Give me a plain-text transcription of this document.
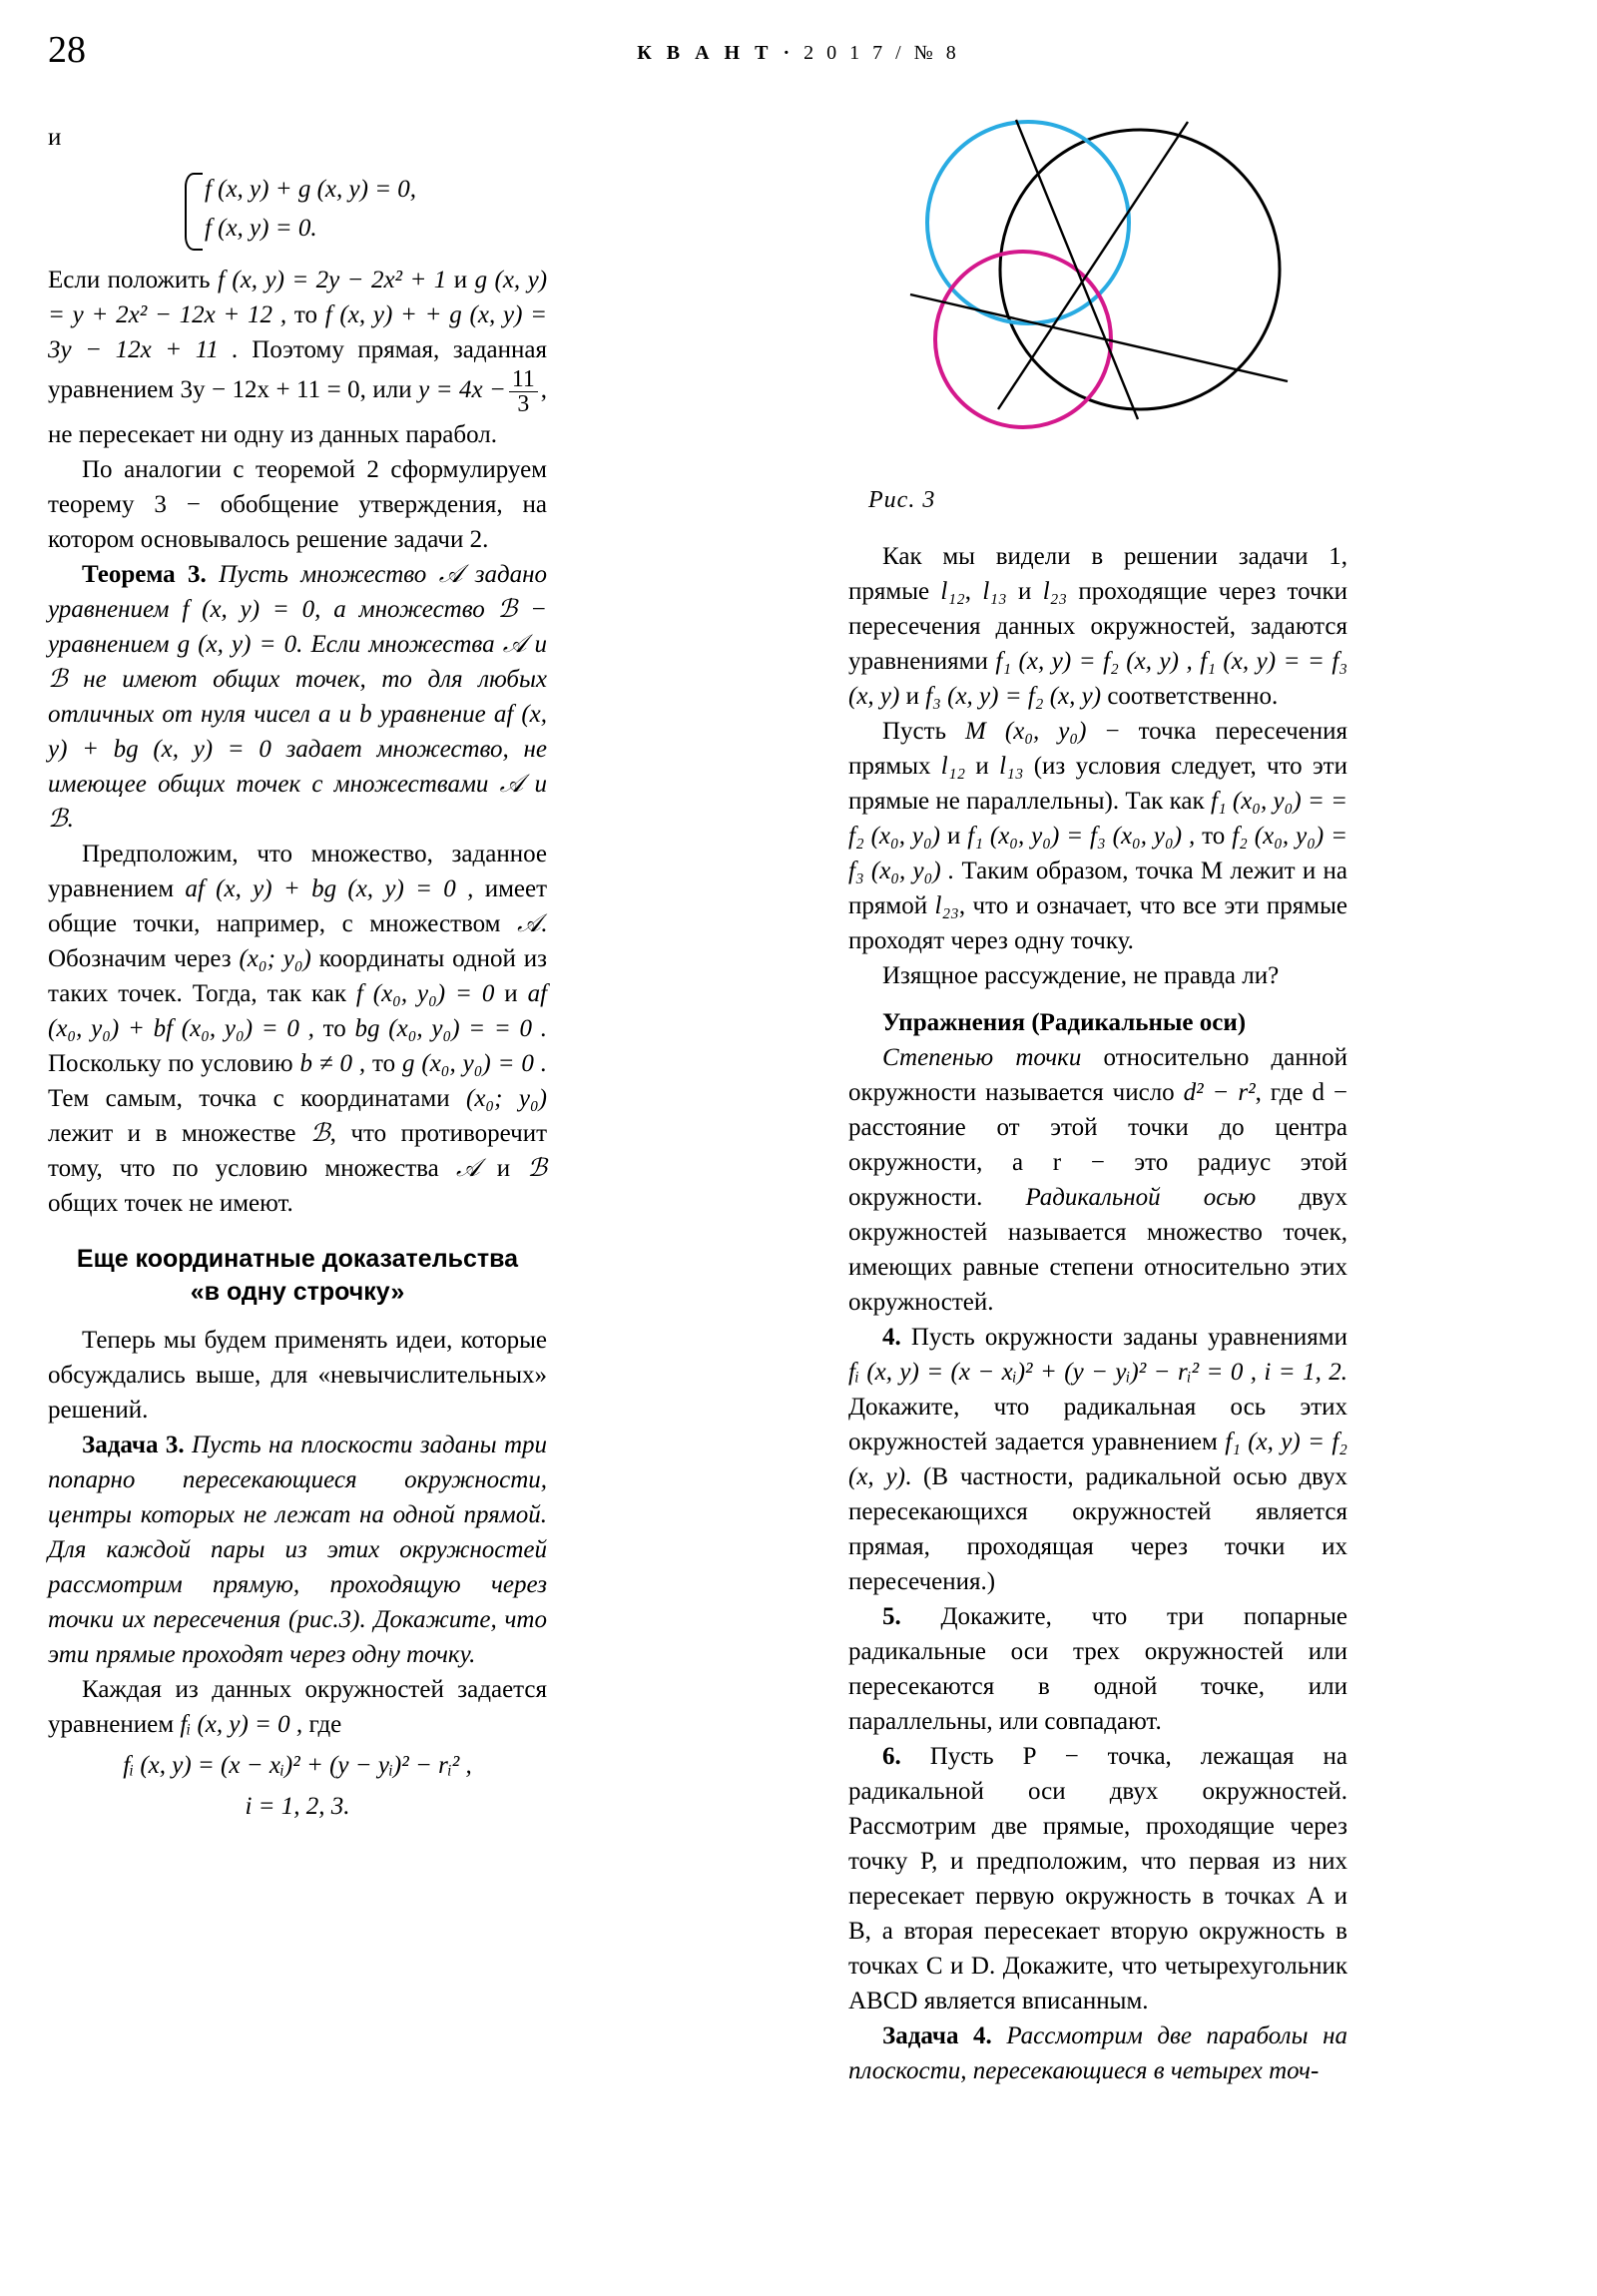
28	К В А Н Т · 2 0 1 7 / № 8
Рис. 3

и

f (x, y) + g (x, y) = 0,
f (x, y) = 0.

Если положить f (x, y) = 2y − 2x² + 1 и g (x, y) = y + 2x² − 12x + 12 , то f (x, y) + + g (x, y) = 3y − 12x + 11 . Поэтому прямая, заданная уравнением 3y − 12x + 11 = 0, или $y = 4x - \frac{11}{3}$ , не пересекает ни одну из данных парабол.

По аналогии с теоремой 2 сформулируем теорему 3 − обобщение утверждения, на котором основывалось решение задачи 2.

Теорема 3. Пусть множество 𝒜 задано уравнением f (x, y) = 0, а множество ℬ − уравнением g (x, y) = 0. Если множества 𝒜 и ℬ не имеют общих точек, то для любых отличных от нуля чисел a и b уравнение af (x, y) + bg (x, y) = 0 задает множество, не имеющее общих точек с множествами 𝒜 и ℬ.

Предположим, что множество, заданное уравнением af (x, y) + bg (x, y) = 0 , имеет общие точки, например, с множеством 𝒜. Обозначим через (x₀; y₀) координаты одной из таких точек. Тогда, так как f (x₀, y₀) = 0 и af (x₀, y₀) + bf (x₀, y₀) = 0 , то bg (x₀, y₀) = = 0 . Поскольку по условию b ≠ 0 , то g (x₀, y₀) = 0 . Тем самым, точка с координатами (x₀; y₀) лежит и в множестве ℬ, что противоречит тому, что по условию множества 𝒜 и ℬ общих точек не имеют.

Еще координатные доказательства
«в одну строчку»

Теперь мы будем применять идеи, которые обсуждались выше, для «невычислительных» решений.

Задача 3. Пусть на плоскости заданы три попарно пересекающиеся окружности, центры которых не лежат на одной прямой. Для каждой пары из этих окружностей рассмотрим прямую, проходящую через точки их пересечения (рис.3). Докажите, что эти прямые проходят через одну точку.

Каждая из данных окружностей задается уравнением fᵢ (x, y) = 0 , где

fᵢ (x, y) = (x − xᵢ)² + (y − yᵢ)² − rᵢ² ,
i = 1, 2, 3.

Как мы видели в решении задачи 1, прямые l₁₂, l₁₃ и l₂₃ проходящие через точки пересечения данных окружностей, задаются уравнениями f₁ (x, y) = f₂ (x, y) , f₁ (x, y) = = f₃ (x, y) и f₃ (x, y) = f₂ (x, y) соответственно.

Пусть M (x₀, y₀) − точка пересечения прямых l₁₂ и l₁₃ (из условия следует, что эти прямые не параллельны). Так как f₁ (x₀, y₀) = = f₂ (x₀, y₀) и f₁ (x₀, y₀) = f₃ (x₀, y₀) , то f₂ (x₀, y₀) = f₃ (x₀, y₀) . Таким образом, точка M лежит и на прямой l₂₃, что и означает, что все эти прямые проходят через одну точку.

Изящное рассуждение, не правда ли?

Упражнения (Радикальные оси)

Степенью точки относительно данной окружности называется число d² − r², где d − расстояние от этой точки до центра окружности, а r − это радиус этой окружности. Радикальной осью двух окружностей называется множество точек, имеющих равные степени относительно этих окружностей.

4. Пусть окружности заданы уравнениями fᵢ (x, y) = (x − xᵢ)² + (y − yᵢ)² − rᵢ² = 0 , i = 1, 2. Докажите, что радикальная ось этих окружностей задается уравнением f₁ (x, y) = f₂ (x, y). (В частности, радикальной осью двух пересекающихся окружностей является прямая, проходящая через точки их пересечения.)

5. Докажите, что три попарные радикальные оси трех окружностей или пересекаются в одной точке, или параллельны, или совпадают.

6. Пусть P − точка, лежащая на радикальной оси двух окружностей. Рассмотрим две прямые, проходящие через точку P, и предположим, что первая из них пересекает первую окружность в точках A и B, а вторая пересекает вторую окружность в точках C и D. Докажите, что четырехугольник ABCD является вписанным.

Задача 4. Рассмотрим две параболы на плоскости, пересекающиеся в четырех точ-
